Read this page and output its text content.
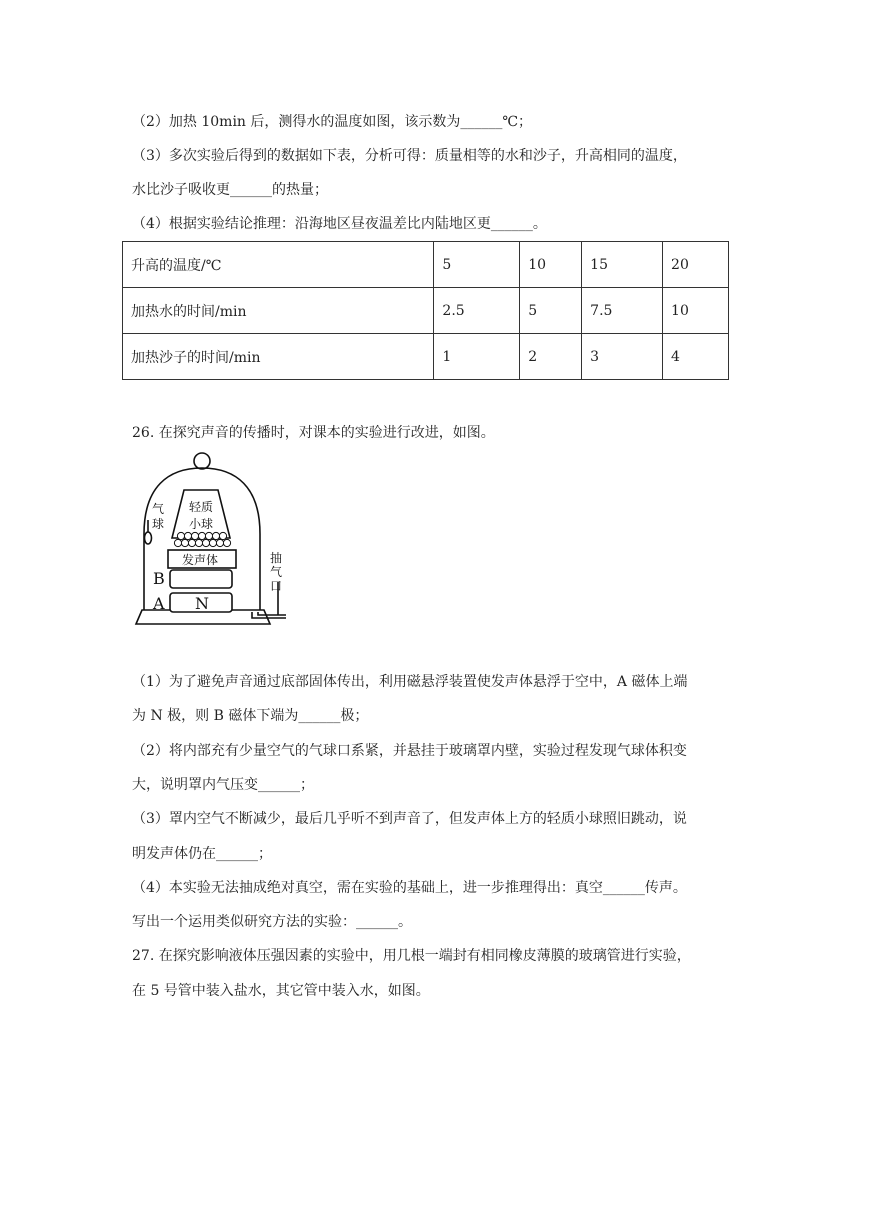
（2）加热 10min 后，测得水的温度如图，该示数为______℃；
（3）多次实验后得到的数据如下表，分析可得：质量相等的水和沙子，升高相同的温度，
水比沙子吸收更______的热量；
（4）根据实验结论推理：沿海地区昼夜温差比内陆地区更______。
升高的温度/℃	5	10	15	20
加热水的时间/min	2.5	5	7.5	10
加热沙子的时间/min	1	2	3	4
26. 在探究声音的传播时，对课本的实验进行改进，如图。
气
球
轻质
小球
发声体	抽
气
口
B
A N
（1）为了避免声音通过底部固体传出，利用磁悬浮装置使发声体悬浮于空中，A 磁体上端
为 N 极，则 B 磁体下端为______极；
（2）将内部充有少量空气的气球口系紧，并悬挂于玻璃罩内壁，实验过程发现气球体积变
大，说明罩内气压变______；
（3）罩内空气不断减少，最后几乎听不到声音了，但发声体上方的轻质小球照旧跳动，说
明发声体仍在______；
（4）本实验无法抽成绝对真空，需在实验的基础上，进一步推理得出：真空______传声。
写出一个运用类似研究方法的实验：______。
27. 在探究影响液体压强因素的实验中，用几根一端封有相同橡皮薄膜的玻璃管进行实验，
在 5 号管中装入盐水，其它管中装入水，如图。
